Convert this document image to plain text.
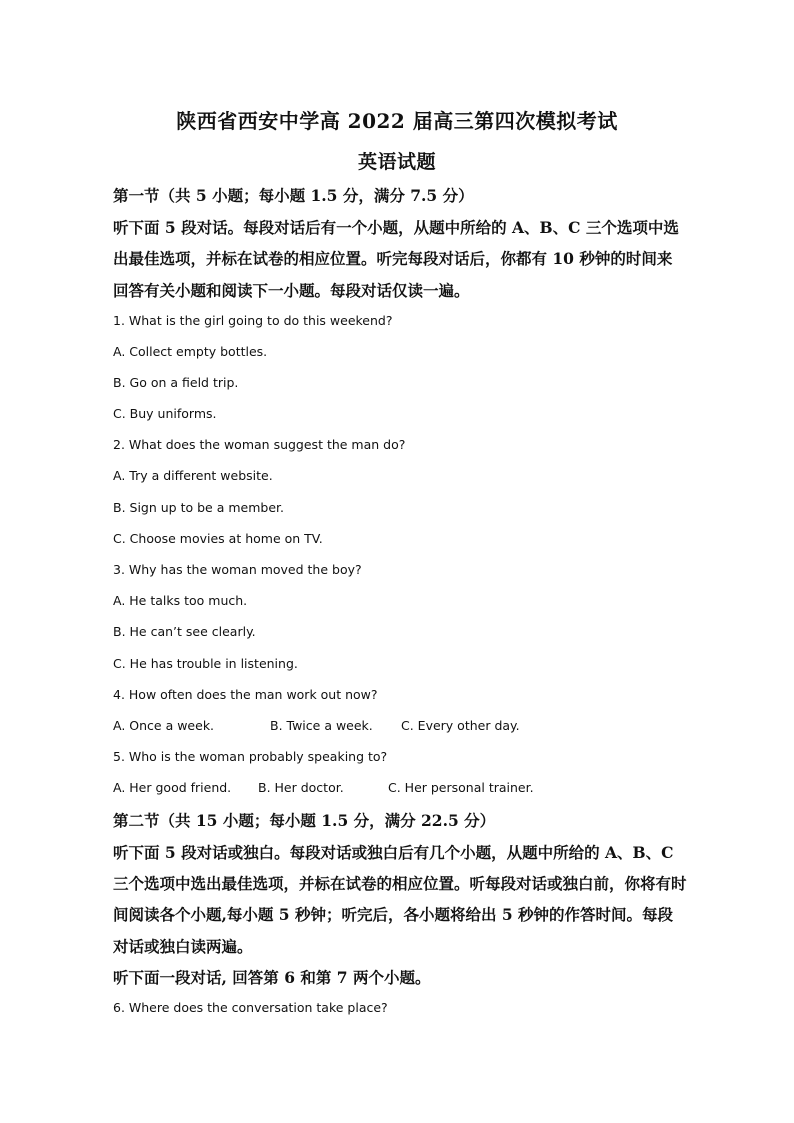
陕西省西安中学高 2022 届高三第四次模拟考试
英语试题
第一节（共 5 小题；每小题 1.5 分，满分 7.5 分）
听下面 5 段对话。每段对话后有一个小题，从题中所给的 A、B、C 三个选项中选
出最佳选项，并标在试卷的相应位置。听完每段对话后，你都有 10 秒钟的时间来
回答有关小题和阅读下一小题。每段对话仅读一遍。
1. What is the girl going to do this weekend?
A. Collect empty bottles.
B. Go on a field trip.
C. Buy uniforms.
2. What does the woman suggest the man do?
A. Try a different website.
B. Sign up to be a member.
C. Choose movies at home on TV.
3. Why has the woman moved the boy?
A. He talks too much.
B. He can’t see clearly.
C. He has trouble in listening.
4. How often does the man work out now?
A. Once a week.	B. Twice a week. C. Every other day.
5. Who is the woman probably speaking to?
A. Her good friend. B. Her doctor.	C. Her personal trainer.
第二节（共 15 小题；每小题 1.5 分，满分 22.5 分）
听下面 5 段对话或独白。每段对话或独白后有几个小题，从题中所给的 A、B、C
三个选项中选出最佳选项，并标在试卷的相应位置。听每段对话或独白前，你将有时
间阅读各个小题,每小题 5 秒钟；听完后，各小题将给出 5 秒钟的作答时间。每段
对话或独白读两遍。
听下面一段对话, 回答第 6 和第 7 两个小题。
6. Where does the conversation take place?
